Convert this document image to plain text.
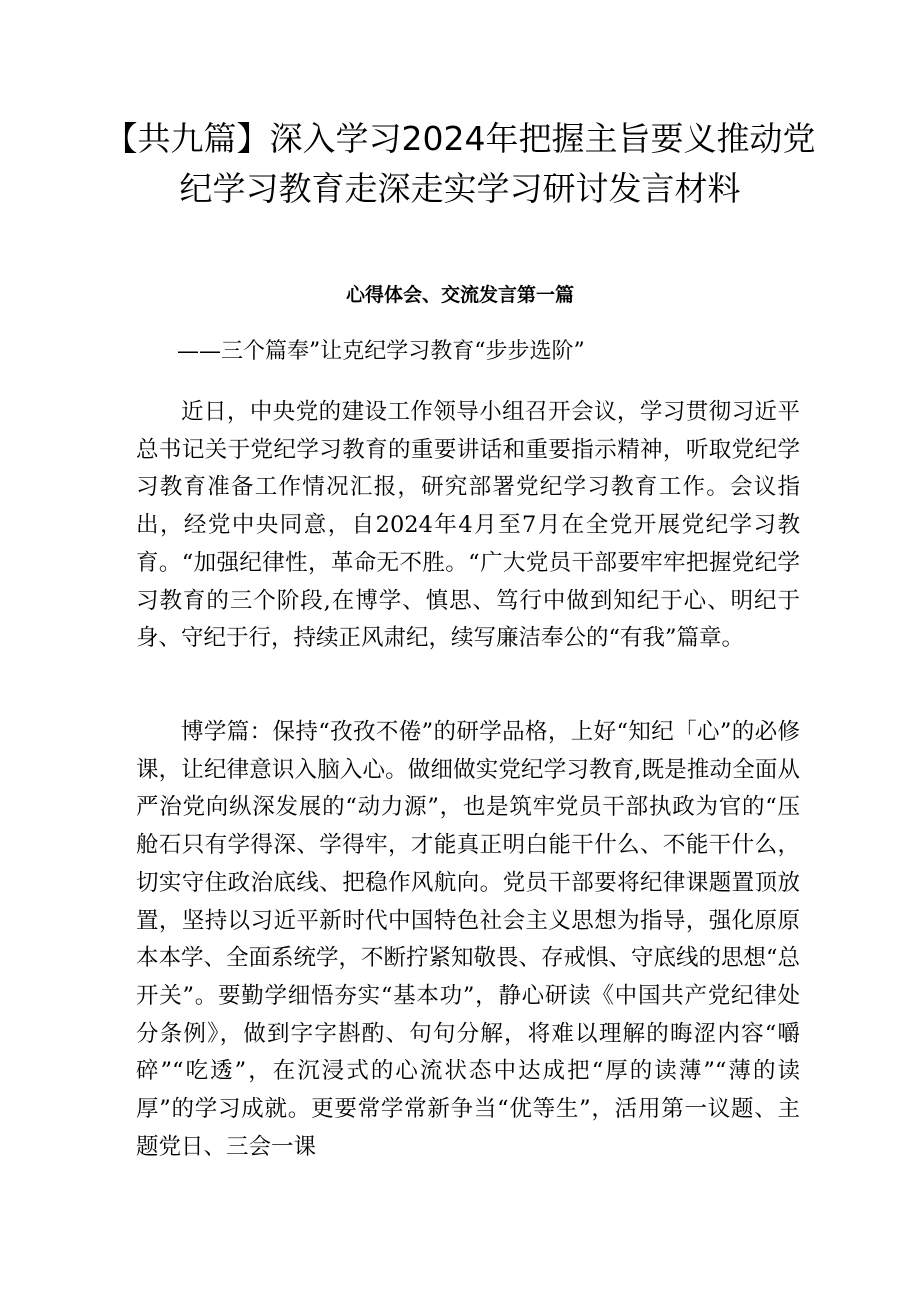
【共九篇】深入学习2024年把握主旨要义推动党
纪学习教育走深走实学习研讨发言材料
心得体会、交流发言第一篇

——三个篇奉”让克纪学习教育“步步选阶”

近日，中央党的建设工作领导小组召开会议，学习贯彻习近平总书记关于党纪学习教育的重要讲话和重要指示精神，听取党纪学习教育准备工作情况汇报，研究部署党纪学习教育工作。会议指出，经党中央同意，自2024年4月至7月在全党开展党纪学习教育。“加强纪律性，革命无不胜。“广大党员干部要牢牢把握党纪学习教育的三个阶段,在博学、慎思、笃行中做到知纪于心、明纪于身、守纪于行，持续正风肃纪，续写廉洁奉公的“有我”篇章。

博学篇：保持“孜孜不倦”的研学品格，上好“知纪「心”的必修课，让纪律意识入脑入心。做细做实党纪学习教育,既是推动全面从严治党向纵深发展的“动力源”，也是筑牢党员干部执政为官的“压舱石只有学得深、学得牢，才能真正明白能干什么、不能干什么，切实守住政治底线、把稳作风航向。党员干部要将纪律课题置顶放置，坚持以习近平新时代中国特色社会主义思想为指导，强化原原本本学、全面系统学，不断拧紧知敬畏、存戒惧、守底线的思想“总开关”。要勤学细悟夯实“基本功”，静心研读《中国共产党纪律处分条例》，做到字字斟酌、句句分解，将难以理解的晦涩内容“嚼碎”“吃透”，在沉浸式的心流状态中达成把“厚的读薄”“薄的读厚”的学习成就。更要常学常新争当“优等生”，活用第一议题、主题党日、三会一课
